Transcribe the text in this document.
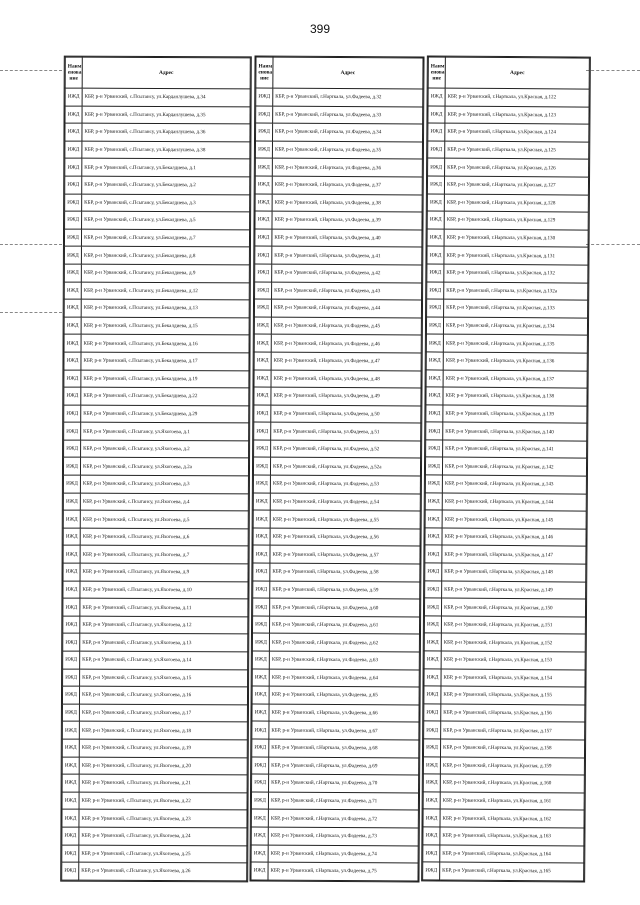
399
Наим енова ние	Адрес
ИЖД	КБР, р-н Урванский, с.Псыгансу, ул.Карданлушева, д.34
ИЖД	КБР, р-н Урванский, с.Псыгансу, ул.Карданлушева, д.35
ИЖД	КБР, р-н Урванский, с.Псыгансу, ул.Карданлушева, д.36
ИЖД	КБР, р-н Урванский, с.Псыгансу, ул.Карданлушева, д.38
ИЖД	КБР, р-н Урванский, с.Псыгансу, ул.Бекалдиева, д.1
ИЖД	КБР, р-н Урванский, с.Псыгансу, ул.Бекалдиева, д.2
ИЖД	КБР, р-н Урванский, с.Псыгансу, ул.Бекалдиева, д.3
ИЖД	КБР, р-н Урванский, с.Псыгансу, ул.Бекалдиева, д.5
ИЖД	КБР, р-н Урванский, с.Псыгансу, ул.Бекалдиева, д.7
ИЖД	КБР, р-н Урванский, с.Псыгансу, ул.Бекалдиева, д.8
ИЖД	КБР, р-н Урванский, с.Псыгансу, ул.Бекалдиева, д.9
ИЖД	КБР, р-н Урванский, с.Псыгансу, ул.Бекалдиева, д.12
ИЖД	КБР, р-н Урванский, с.Псыгансу, ул.Бекалдиева, д.13
ИЖД	КБР, р-н Урванский, с.Псыгансу, ул.Бекалдиева, д.15
ИЖД	КБР, р-н Урванский, с.Псыгансу, ул.Бекалдиева, д.16
ИЖД	КБР, р-н Урванский, с.Псыгансу, ул.Бекалдиева, д.17
ИЖД	КБР, р-н Урванский, с.Псыгансу, ул.Бекалдиева, д.19
ИЖД	КБР, р-н Урванский, с.Псыгансу, ул.Бекалдиева, д.22
ИЖД	КБР, р-н Урванский, с.Псыгансу, ул.Бекалдиева, д.29
ИЖД	КБР, р-н Урванский, с.Псыгансу, ул.Яхогоева, д.1
ИЖД	КБР, р-н Урванский, с.Псыгансу, ул.Яхогоева, д.2
ИЖД	КБР, р-н Урванский, с.Псыгансу, ул.Яхогоева, д.2а
ИЖД	КБР, р-н Урванский, с.Псыгансу, ул.Яхогоева, д.3
ИЖД	КБР, р-н Урванский, с.Псыгансу, ул.Яхогоева, д.4
ИЖД	КБР, р-н Урванский, с.Псыгансу, ул.Яхогоева, д.5
ИЖД	КБР, р-н Урванский, с.Псыгансу, ул.Яхогоева, д.6
ИЖД	КБР, р-н Урванский, с.Псыгансу, ул.Яхогоева, д.7
ИЖД	КБР, р-н Урванский, с.Псыгансу, ул.Яхогоева, д.9
ИЖД	КБР, р-н Урванский, с.Псыгансу, ул.Яхогоева, д.10
ИЖД	КБР, р-н Урванский, с.Псыгансу, ул.Яхогоева, д.11
ИЖД	КБР, р-н Урванский, с.Псыгансу, ул.Яхогоева, д.12
ИЖД	КБР, р-н Урванский, с.Псыгансу, ул.Яхогоева, д.13
ИЖД	КБР, р-н Урванский, с.Псыгансу, ул.Яхогоева, д.14
ИЖД	КБР, р-н Урванский, с.Псыгансу, ул.Яхогоева, д.15
ИЖД	КБР, р-н Урванский, с.Псыгансу, ул.Яхогоева, д.16
ИЖД	КБР, р-н Урванский, с.Псыгансу, ул.Яхогоева, д.17
ИЖД	КБР, р-н Урванский, с.Псыгансу, ул.Яхогоева, д.18
ИЖД	КБР, р-н Урванский, с.Псыгансу, ул.Яхогоева, д.19
ИЖД	КБР, р-н Урванский, с.Псыгансу, ул.Яхогоева, д.20
ИЖД	КБР, р-н Урванский, с.Псыгансу, ул.Яхогоева, д.21
ИЖД	КБР, р-н Урванский, с.Псыгансу, ул.Яхогоева, д.22
ИЖД	КБР, р-н Урванский, с.Псыгансу, ул.Яхогоева, д.23
ИЖД	КБР, р-н Урванский, с.Псыгансу, ул.Яхогоева, д.24
ИЖД	КБР, р-н Урванский, с.Псыгансу, ул.Яхогоева, д.25
ИЖД	КБР, р-н Урванский, с.Псыгансу, ул.Яхогоева, д.26
Наим енова ние	Адрес
ИЖД	КБР, р-н Урванский, г.Нарткала, ул.Фадеева, д.32
ИЖД	КБР, р-н Урванский, г.Нарткала, ул.Фадеева, д.33
ИЖД	КБР, р-н Урванский, г.Нарткала, ул.Фадеева, д.34
ИЖД	КБР, р-н Урванский, г.Нарткала, ул.Фадеева, д.35
ИЖД	КБР, р-н Урванский, г.Нарткала, ул.Фадеева, д.36
ИЖД	КБР, р-н Урванский, г.Нарткала, ул.Фадеева, д.37
ИЖД	КБР, р-н Урванский, г.Нарткала, ул.Фадеева, д.38
ИЖД	КБР, р-н Урванский, г.Нарткала, ул.Фадеева, д.39
ИЖД	КБР, р-н Урванский, г.Нарткала, ул.Фадеева, д.40
ИЖД	КБР, р-н Урванский, г.Нарткала, ул.Фадеева, д.41
ИЖД	КБР, р-н Урванский, г.Нарткала, ул.Фадеева, д.42
ИЖД	КБР, р-н Урванский, г.Нарткала, ул.Фадеева, д.43
ИЖД	КБР, р-н Урванский, г.Нарткала, ул.Фадеева, д.44
ИЖД	КБР, р-н Урванский, г.Нарткала, ул.Фадеева, д.45
ИЖД	КБР, р-н Урванский, г.Нарткала, ул.Фадеева, д.46
ИЖД	КБР, р-н Урванский, г.Нарткала, ул.Фадеева, д.47
ИЖД	КБР, р-н Урванский, г.Нарткала, ул.Фадеева, д.48
ИЖД	КБР, р-н Урванский, г.Нарткала, ул.Фадеева, д.49
ИЖД	КБР, р-н Урванский, г.Нарткала, ул.Фадеева, д.50
ИЖД	КБР, р-н Урванский, г.Нарткала, ул.Фадеева, д.51
ИЖД	КБР, р-н Урванский, г.Нарткала, ул.Фадеева, д.52
ИЖД	КБР, р-н Урванский, г.Нарткала, ул.Фадеева, д.52а
ИЖД	КБР, р-н Урванский, г.Нарткала, ул.Фадеева, д.53
ИЖД	КБР, р-н Урванский, г.Нарткала, ул.Фадеева, д.54
ИЖД	КБР, р-н Урванский, г.Нарткала, ул.Фадеева, д.55
ИЖД	КБР, р-н Урванский, г.Нарткала, ул.Фадеева, д.56
ИЖД	КБР, р-н Урванский, г.Нарткала, ул.Фадеева, д.57
ИЖД	КБР, р-н Урванский, г.Нарткала, ул.Фадеева, д.58
ИЖД	КБР, р-н Урванский, г.Нарткала, ул.Фадеева, д.59
ИЖД	КБР, р-н Урванский, г.Нарткала, ул.Фадеева, д.60
ИЖД	КБР, р-н Урванский, г.Нарткала, ул.Фадеева, д.61
ИЖД	КБР, р-н Урванский, г.Нарткала, ул.Фадеева, д.62
ИЖД	КБР, р-н Урванский, г.Нарткала, ул.Фадеева, д.63
ИЖД	КБР, р-н Урванский, г.Нарткала, ул.Фадеева, д.64
ИЖД	КБР, р-н Урванский, г.Нарткала, ул.Фадеева, д.65
ИЖД	КБР, р-н Урванский, г.Нарткала, ул.Фадеева, д.66
ИЖД	КБР, р-н Урванский, г.Нарткала, ул.Фадеева, д.67
ИЖД	КБР, р-н Урванский, г.Нарткала, ул.Фадеева, д.68
ИЖД	КБР, р-н Урванский, г.Нарткала, ул.Фадеева, д.69
ИЖД	КБР, р-н Урванский, г.Нарткала, ул.Фадеева, д.70
ИЖД	КБР, р-н Урванский, г.Нарткала, ул.Фадеева, д.71
ИЖД	КБР, р-н Урванский, г.Нарткала, ул.Фадеева, д.72
ИЖД	КБР, р-н Урванский, г.Нарткала, ул.Фадеева, д.73
ИЖД	КБР, р-н Урванский, г.Нарткала, ул.Фадеева, д.74
ИЖД	КБР, р-н Урванский, г.Нарткала, ул.Фадеева, д.75
Наим енова ние	Адрес
ИЖД	КБР, р-н Урванский, г.Нарткала, ул.Красная, д.122
ИЖД	КБР, р-н Урванский, г.Нарткала, ул.Красная, д.123
ИЖД	КБР, р-н Урванский, г.Нарткала, ул.Красная, д.124
ИЖД	КБР, р-н Урванский, г.Нарткала, ул.Красная, д.125
ИЖД	КБР, р-н Урванский, г.Нарткала, ул.Красная, д.126
ИЖД	КБР, р-н Урванский, г.Нарткала, ул.Красная, д.127
ИЖД	КБР, р-н Урванский, г.Нарткала, ул.Красная, д.128
ИЖД	КБР, р-н Урванский, г.Нарткала, ул.Красная, д.129
ИЖД	КБР, р-н Урванский, г.Нарткала, ул.Красная, д.130
ИЖД	КБР, р-н Урванский, г.Нарткала, ул.Красная, д.131
ИЖД	КБР, р-н Урванский, г.Нарткала, ул.Красная, д.132
ИЖД	КБР, р-н Урванский, г.Нарткала, ул.Красная, д.132а
ИЖД	КБР, р-н Урванский, г.Нарткала, ул.Красная, д.133
ИЖД	КБР, р-н Урванский, г.Нарткала, ул.Красная, д.134
ИЖД	КБР, р-н Урванский, г.Нарткала, ул.Красная, д.135
ИЖД	КБР, р-н Урванский, г.Нарткала, ул.Красная, д.136
ИЖД	КБР, р-н Урванский, г.Нарткала, ул.Красная, д.137
ИЖД	КБР, р-н Урванский, г.Нарткала, ул.Красная, д.138
ИЖД	КБР, р-н Урванский, г.Нарткала, ул.Красная, д.139
ИЖД	КБР, р-н Урванский, г.Нарткала, ул.Красная, д.140
ИЖД	КБР, р-н Урванский, г.Нарткала, ул.Красная, д.141
ИЖД	КБР, р-н Урванский, г.Нарткала, ул.Красная, д.142
ИЖД	КБР, р-н Урванский, г.Нарткала, ул.Красная, д.143
ИЖД	КБР, р-н Урванский, г.Нарткала, ул.Красная, д.144
ИЖД	КБР, р-н Урванский, г.Нарткала, ул.Красная, д.145
ИЖД	КБР, р-н Урванский, г.Нарткала, ул.Красная, д.146
ИЖД	КБР, р-н Урванский, г.Нарткала, ул.Красная, д.147
ИЖД	КБР, р-н Урванский, г.Нарткала, ул.Красная, д.148
ИЖД	КБР, р-н Урванский, г.Нарткала, ул.Красная, д.149
ИЖД	КБР, р-н Урванский, г.Нарткала, ул.Красная, д.150
ИЖД	КБР, р-н Урванский, г.Нарткала, ул.Красная, д.151
ИЖД	КБР, р-н Урванский, г.Нарткала, ул.Красная, д.152
ИЖД	КБР, р-н Урванский, г.Нарткала, ул.Красная, д.153
ИЖД	КБР, р-н Урванский, г.Нарткала, ул.Красная, д.154
ИЖД	КБР, р-н Урванский, г.Нарткала, ул.Красная, д.155
ИЖД	КБР, р-н Урванский, г.Нарткала, ул.Красная, д.156
ИЖД	КБР, р-н Урванский, г.Нарткала, ул.Красная, д.157
ИЖД	КБР, р-н Урванский, г.Нарткала, ул.Красная, д.158
ИЖД	КБР, р-н Урванский, г.Нарткала, ул.Красная, д.159
ИЖД	КБР, р-н Урванский, г.Нарткала, ул.Красная, д.160
ИЖД	КБР, р-н Урванский, г.Нарткала, ул.Красная, д.161
ИЖД	КБР, р-н Урванский, г.Нарткала, ул.Красная, д.162
ИЖД	КБР, р-н Урванский, г.Нарткала, ул.Красная, д.163
ИЖД	КБР, р-н Урванский, г.Нарткала, ул.Красная, д.164
ИЖД	КБР, р-н Урванский, г.Нарткала, ул.Красная, д.165
